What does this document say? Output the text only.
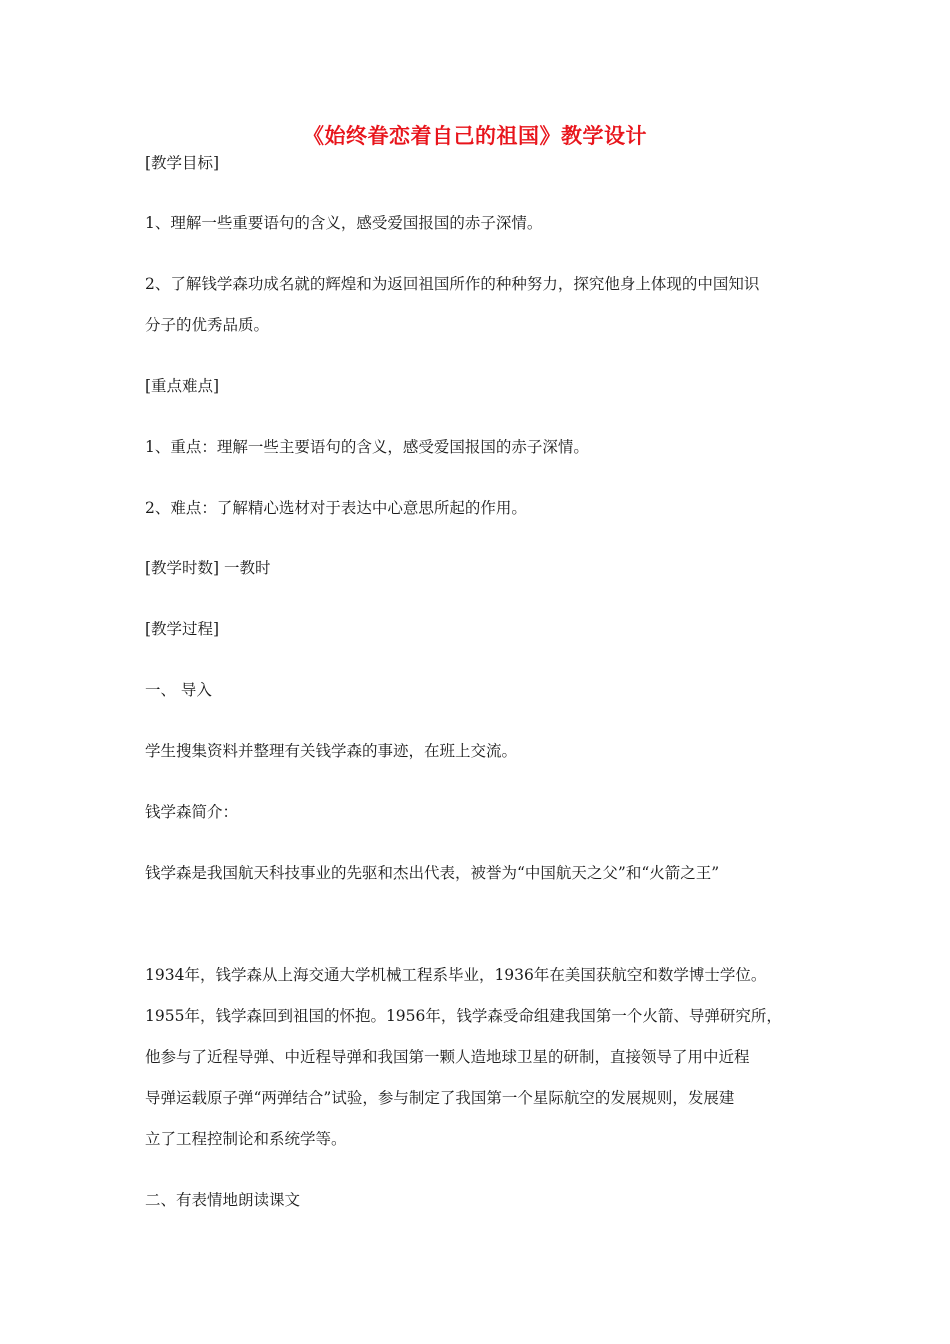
《始终眷恋着自己的祖国》教学设计
[教学目标]
1、理解一些重要语句的含义，感受爱国报国的赤子深情。
2、了解钱学森功成名就的辉煌和为返回祖国所作的种种努力，探究他身上体现的中国知识
分子的优秀品质。
[重点难点]
1、重点：理解一些主要语句的含义，感受爱国报国的赤子深情。
2、难点：了解精心选材对于表达中心意思所起的作用。
[教学时数] 一教时
[教学过程]
一、 导入
学生搜集资料并整理有关钱学森的事迹，在班上交流。
钱学森简介：
钱学森是我国航天科技事业的先驱和杰出代表，被誉为“中国航天之父”和“火箭之王”
1934年，钱学森从上海交通大学机械工程系毕业，1936年在美国获航空和数学博士学位。
1955年，钱学森回到祖国的怀抱。1956年，钱学森受命组建我国第一个火箭、导弹研究所，
他参与了近程导弹、中近程导弹和我国第一颗人造地球卫星的研制，直接领导了用中近程
导弹运载原子弹“两弹结合”试验，参与制定了我国第一个星际航空的发展规则，发展建
立了工程控制论和系统学等。
二、有表情地朗读课文
